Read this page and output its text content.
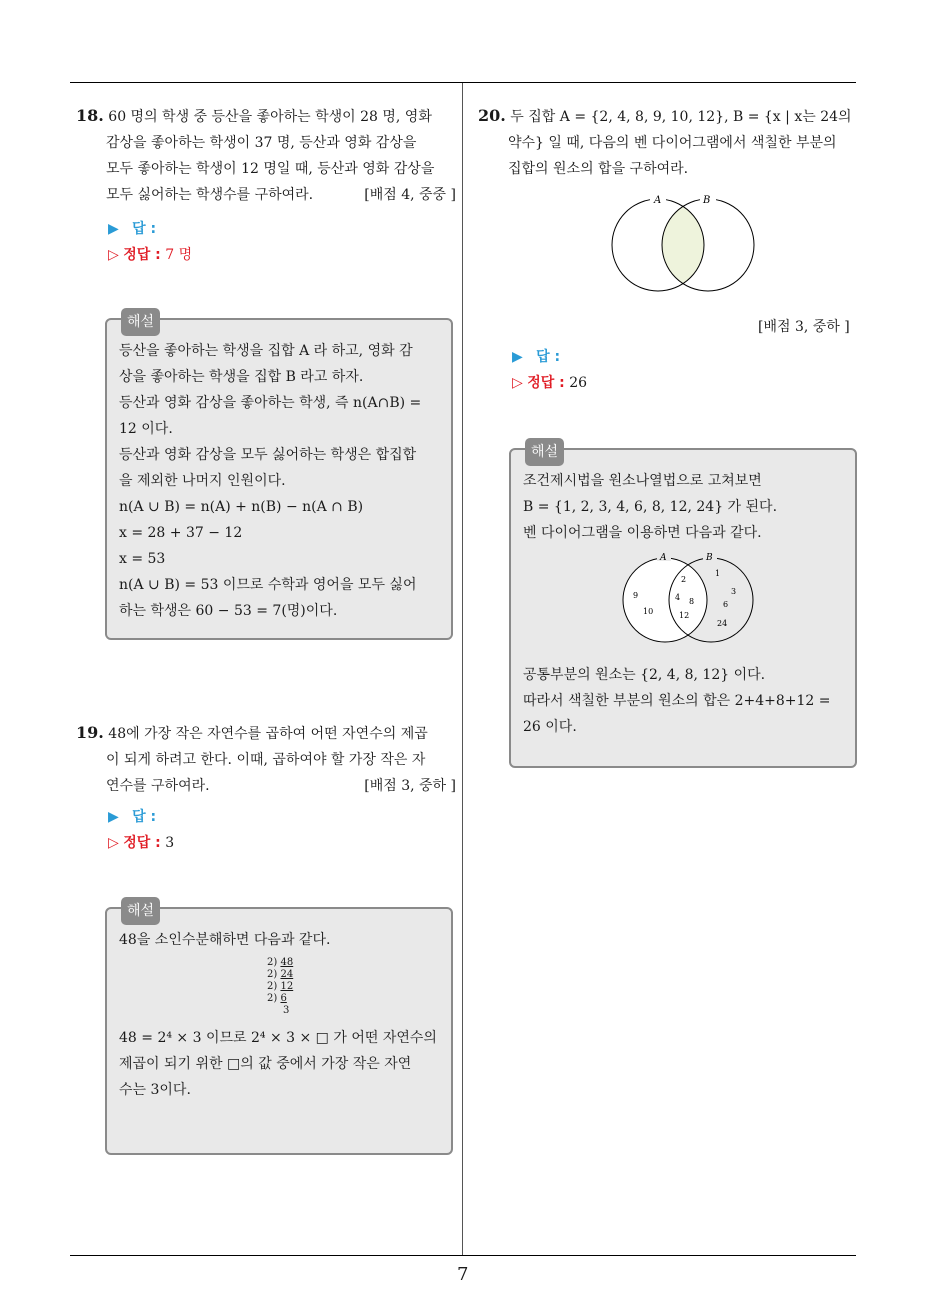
7

18. 60 명의 학생 중 등산을 좋아하는 학생이 28 명, 영화

감상을 좋아하는 학생이 37 명, 등산과 영화 감상을

모두 좋아하는 학생이 12 명일 때, 등산과 영화 감상을

모두 싫어하는 학생수를 구하여라.	[배점 4, 중중 ]

▶ 답 :
▷ 정답 : 7 명
해설

등산을 좋아하는 학생을 집합 A 라 하고, 영화 감

상을 좋아하는 학생을 집합 B 라고 하자.

등산과 영화 감상을 좋아하는 학생, 즉 n(A∩B) =

12 이다.

등산과 영화 감상을 모두 싫어하는 학생은 합집합

을 제외한 나머지 인원이다.

n(A ∪ B) = n(A) + n(B) − n(A ∩ B)

x = 28 + 37 − 12

x = 53

n(A ∪ B) = 53 이므로 수학과 영어을 모두 싫어

하는 학생은 60 − 53 = 7(명)이다.

19. 48에 가장 작은 자연수를 곱하여 어떤 자연수의 제곱

이 되게 하려고 한다. 이때, 곱하여야 할 가장 작은 자

연수를 구하여라.	[배점 3, 중하 ]

▶ 답 :
▷ 정답 : 3
해설

48을 소인수분해하면 다음과 같다.

2) 48
2) 24
2) 12
2) 6
3

48 = 2⁴ × 3 이므로 2⁴ × 3 × □ 가 어떤 자연수의

제곱이 되기 위한 □의 값 중에서 가장 작은 자연

수는 3이다.

20. 두 집합 A = {2, 4, 8, 9, 10, 12}, B = {x | x는 24의

약수} 일 때, 다음의 벤 다이어그램에서 색칠한 부분의

집합의 원소의 합을 구하여라.

A	B
[배점 3, 중하 ]
▶ 답 :
▷ 정답 : 26
해설

조건제시법을 원소나열법으로 고쳐보면

B = {1, 2, 3, 4, 6, 8, 12, 24} 가 된다.

벤 다이어그램을 이용하면 다음과 같다.

A	B
9
10
2
4 8
12
1
3
6
24

공통부분의 원소는 {2, 4, 8, 12} 이다.

따라서 색칠한 부분의 원소의 합은 2+4+8+12 =

26 이다.
